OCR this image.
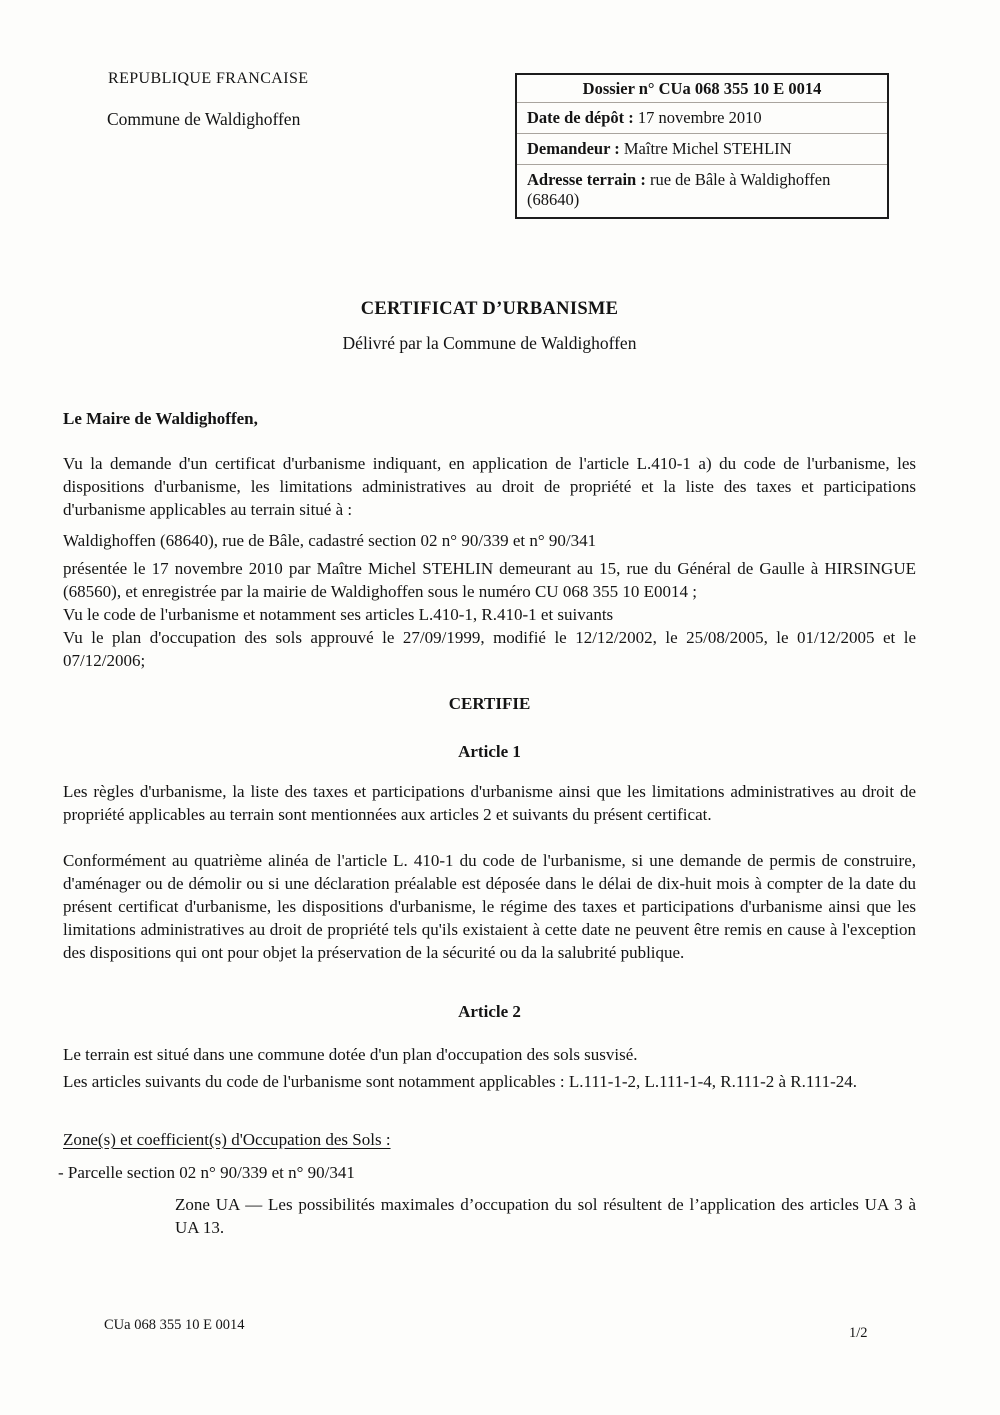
REPUBLIQUE FRANCAISE
Commune de Waldighoffen
Dossier n° CUa 068 355 10 E 0014
Date de dépôt : 17 novembre 2010
Demandeur : Maître Michel STEHLIN
Adresse terrain : rue de Bâle à Waldighoffen (68640)
CERTIFICAT D’URBANISME
Délivré par la Commune de Waldighoffen
Le Maire de Waldighoffen,

Vu la demande d'un certificat d'urbanisme indiquant, en application de l'article L.410-1 a) du code de l'urbanisme, les dispositions d'urbanisme, les limitations administratives au droit de propriété et la liste des taxes et participations d'urbanisme applicables au terrain situé à :

Waldighoffen (68640), rue de Bâle, cadastré section 02 n° 90/339 et n° 90/341

présentée le 17 novembre 2010 par Maître Michel STEHLIN demeurant au 15, rue du Général de Gaulle à HIRSINGUE (68560), et enregistrée par la mairie de Waldighoffen sous le numéro CU 068 355 10 E0014 ;

Vu le code de l'urbanisme et notamment ses articles L.410-1, R.410-1 et suivants

Vu le plan d'occupation des sols approuvé le 27/09/1999, modifié le 12/12/2002, le 25/08/2005, le 01/12/2005 et le 07/12/2006;

CERTIFIE
Article 1

Les règles d'urbanisme, la liste des taxes et participations d'urbanisme ainsi que les limitations administratives au droit de propriété applicables au terrain sont mentionnées aux articles 2 et suivants du présent certificat.

Conformément au quatrième alinéa de l'article L. 410-1 du code de l'urbanisme, si une demande de permis de construire, d'aménager ou de démolir ou si une déclaration préalable est déposée dans le délai de dix-huit mois à compter de la date du présent certificat d'urbanisme, les dispositions d'urbanisme, le régime des taxes et participations d'urbanisme ainsi que les limitations administratives au droit de propriété tels qu'ils existaient à cette date ne peuvent être remis en cause à l'exception des dispositions qui ont pour objet la préservation de la sécurité ou da la salubrité publique.

Article 2

Le terrain est situé dans une commune dotée d'un plan d'occupation des sols susvisé.

Les articles suivants du code de l'urbanisme sont notamment applicables : L.111-1-2, L.111-1-4, R.111-2 à R.111-24.

Zone(s) et coefficient(s) d'Occupation des Sols :

- Parcelle section 02 n° 90/339 et n° 90/341

Zone UA — Les possibilités maximales d’occupation du sol résultent de l’application des articles UA 3 à UA 13.

CUa 068 355 10 E 0014	1/2
